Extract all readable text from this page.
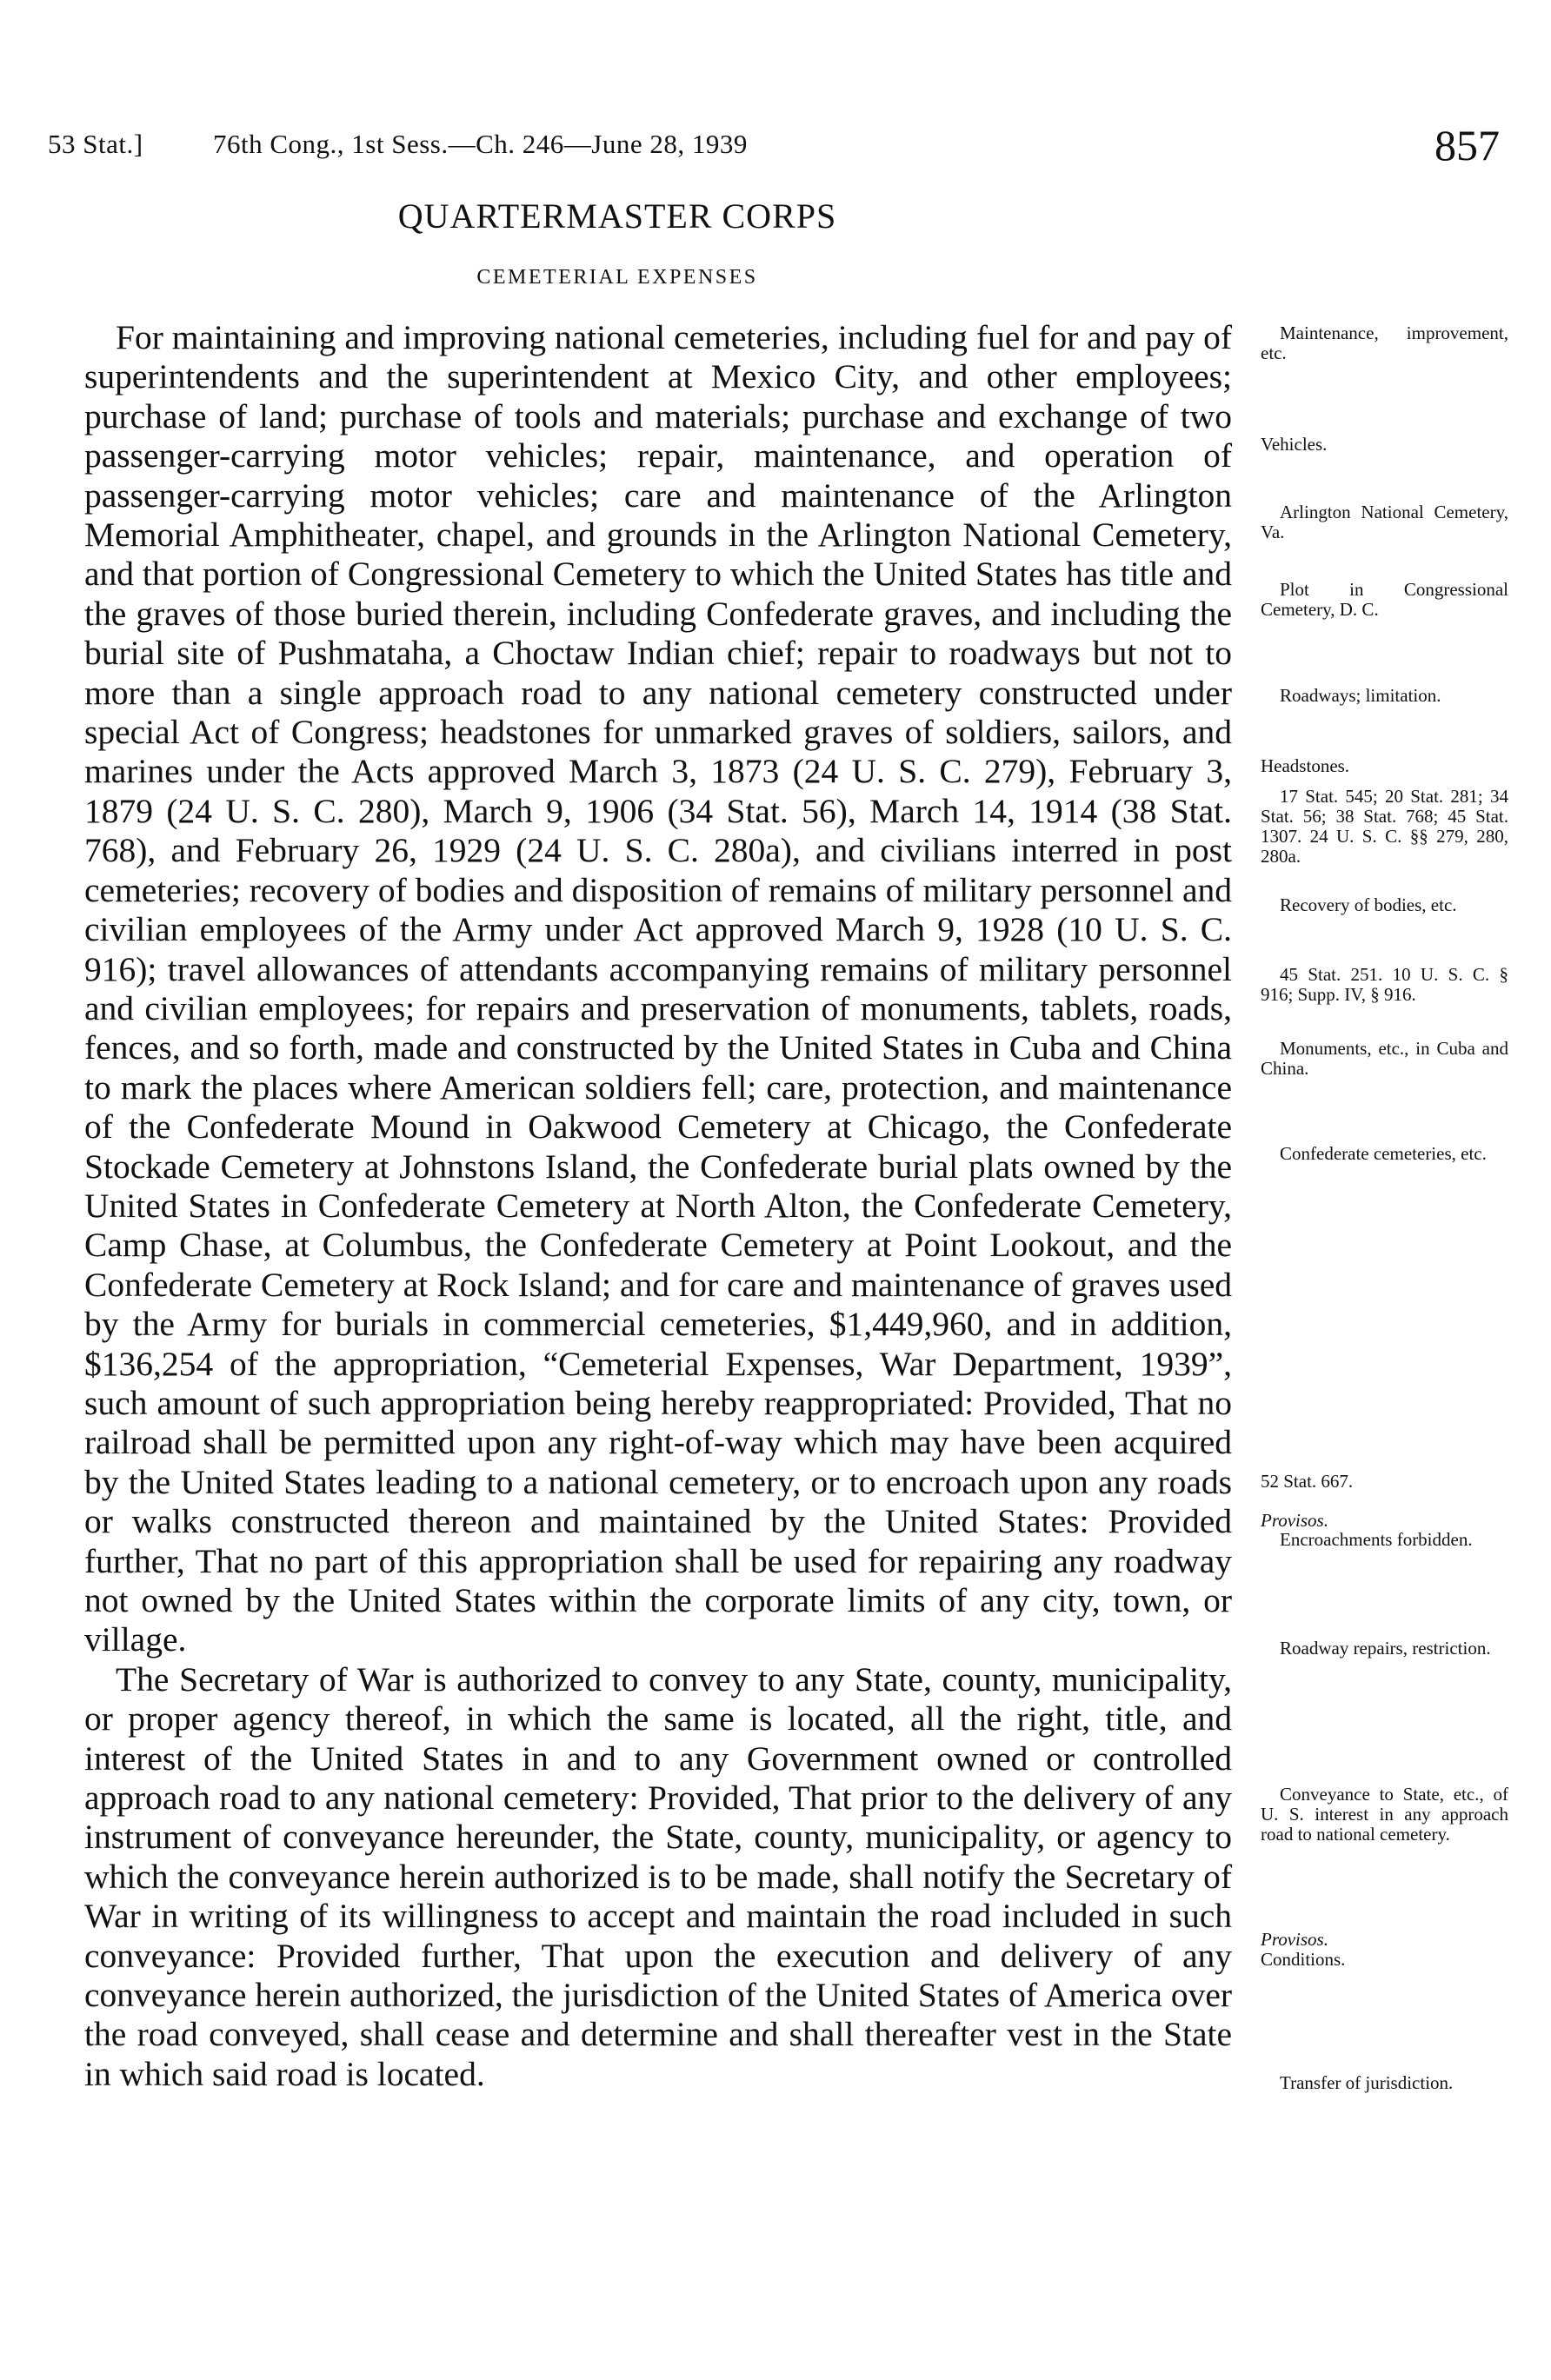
53 Stat.]	76th Cong., 1st Sess.—Ch. 246—June 28, 1939	857
QUARTERMASTER CORPS
CEMETERIAL EXPENSES

For maintaining and improving national cemeteries, including fuel for and pay of superintendents and the superintendent at Mexico City, and other employees; purchase of land; purchase of tools and materials; purchase and exchange of two passenger-carrying motor vehicles; repair, maintenance, and operation of passenger-carrying motor vehicles; care and maintenance of the Arlington Memorial Amphitheater, chapel, and grounds in the Arlington National Cemetery, and that portion of Congressional Cemetery to which the United States has title and the graves of those buried therein, including Confederate graves, and including the burial site of Pushmataha, a Choctaw Indian chief; repair to roadways but not to more than a single approach road to any national cemetery constructed under special Act of Congress; headstones for unmarked graves of soldiers, sailors, and marines under the Acts approved March 3, 1873 (24 U. S. C. 279), February 3, 1879 (24 U. S. C. 280), March 9, 1906 (34 Stat. 56), March 14, 1914 (38 Stat. 768), and February 26, 1929 (24 U. S. C. 280a), and civilians interred in post cemeteries; recovery of bodies and disposition of remains of military personnel and civilian employees of the Army under Act approved March 9, 1928 (10 U. S. C. 916); travel allowances of attendants accompanying remains of military personnel and civilian employees; for repairs and preservation of monuments, tablets, roads, fences, and so forth, made and constructed by the United States in Cuba and China to mark the places where American soldiers fell; care, protection, and maintenance of the Confederate Mound in Oakwood Cemetery at Chicago, the Confederate Stockade Cemetery at Johnstons Island, the Confederate burial plats owned by the United States in Confederate Cemetery at North Alton, the Confederate Cemetery, Camp Chase, at Columbus, the Confederate Cemetery at Point Lookout, and the Confederate Cemetery at Rock Island; and for care and maintenance of graves used by the Army for burials in commercial cemeteries, $1,449,960, and in addition, $136,254 of the appropriation, “Cemeterial Expenses, War Department, 1939”, such amount of such appropriation being hereby reappropriated: Provided, That no railroad shall be permitted upon any right-of-way which may have been acquired by the United States leading to a national cemetery, or to encroach upon any roads or walks constructed thereon and maintained by the United States: Provided further, That no part of this appropriation shall be used for repairing any roadway not owned by the United States within the corporate limits of any city, town, or village.

The Secretary of War is authorized to convey to any State, county, municipality, or proper agency thereof, in which the same is located, all the right, title, and interest of the United States in and to any Government owned or controlled approach road to any national cemetery: Provided, That prior to the delivery of any instrument of conveyance hereunder, the State, county, municipality, or agency to which the conveyance herein authorized is to be made, shall notify the Secretary of War in writing of its willingness to accept and maintain the road included in such conveyance: Provided further, That upon the execution and delivery of any conveyance herein authorized, the jurisdiction of the United States of America over the road conveyed, shall cease and determine and shall thereafter vest in the State in which said road is located.

Maintenance, improvement, etc.
Vehicles.
Arlington National Cemetery, Va.
Plot in Congressional Cemetery, D. C.
Roadways; limitation.
Headstones.
17 Stat. 545; 20 Stat. 281; 34 Stat. 56; 38 Stat. 768; 45 Stat. 1307. 24 U. S. C. §§ 279, 280, 280a.
Recovery of bodies, etc.
45 Stat. 251. 10 U. S. C. § 916; Supp. IV, § 916.
Monuments, etc., in Cuba and China.
Confederate cemeteries, etc.
52 Stat. 667.
Provisos.
Encroachments forbidden.
Roadway repairs, restriction.
Conveyance to State, etc., of U. S. interest in any approach road to national cemetery.
Provisos.
Conditions.
Transfer of jurisdiction.
